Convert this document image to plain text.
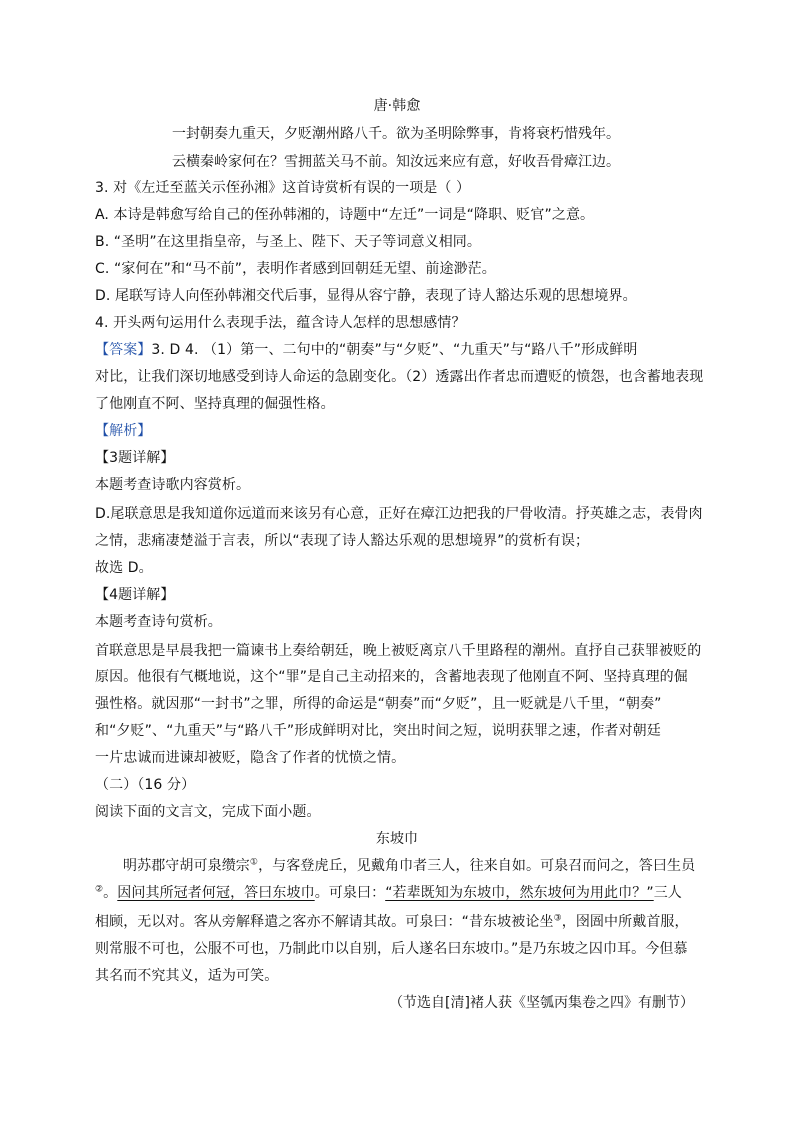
唐·韩愈
一封朝奏九重天，夕贬潮州路八千。欲为圣明除弊事，肯将衰朽惜残年。
云横秦岭家何在？雪拥蓝关马不前。知汝远来应有意，好收吾骨瘴江边。
3. 对《左迁至蓝关示侄孙湘》这首诗赏析有误的一项是（ ）
A. 本诗是韩愈写给自己的侄孙韩湘的，诗题中“左迁”一词是“降职、贬官”之意。
B. “圣明”在这里指皇帝，与圣上、陛下、天子等词意义相同。
C. “家何在”和“马不前”，表明作者感到回朝廷无望、前途渺茫。
D. 尾联写诗人向侄孙韩湘交代后事，显得从容宁静，表现了诗人豁达乐观的思想境界。
4. 开头两句运用什么表现手法，蕴含诗人怎样的思想感情？
【答案】3. D 4. （1）第一、二句中的“朝奏”与“夕贬”、“九重天”与“路八千”形成鲜明
对比，让我们深切地感受到诗人命运的急剧变化。（2）透露出作者忠而遭贬的愤怨，也含蓄地表现
了他刚直不阿、坚持真理的倔强性格。
【解析】
【3题详解】
本题考查诗歌内容赏析。
D.尾联意思是我知道你远道而来该另有心意，正好在瘴江边把我的尸骨收清。抒英雄之志，表骨肉
之情，悲痛凄楚溢于言表，所以“表现了诗人豁达乐观的思想境界”的赏析有误；
故选 D。
【4题详解】
本题考查诗句赏析。
首联意思是早晨我把一篇谏书上奏给朝廷，晚上被贬离京八千里路程的潮州。直抒自己获罪被贬的
原因。他很有气概地说，这个“罪”是自己主动招来的，含蓄地表现了他刚直不阿、坚持真理的倔
强性格。就因那“一封书”之罪，所得的命运是“朝奏”而“夕贬”，且一贬就是八千里，“朝奏”
和“夕贬”、“九重天”与“路八千”形成鲜明对比，突出时间之短，说明获罪之速，作者对朝廷
一片忠诚而进谏却被贬，隐含了作者的忧愤之情。
（二）（16 分）
阅读下面的文言文，完成下面小题。
东坡巾
明苏郡守胡可泉缵宗①，与客登虎丘，见戴角巾者三人，往来自如。可泉召而问之，答曰生员
②。因问其所冠者何冠，答曰东坡巾。可泉曰：“若辈既知为东坡巾，然东坡何为用此巾？”三人
相顾，无以对。客从旁解释遣之客亦不解请其故。可泉曰：“昔东坡被论坐③，囹圄中所戴首服，
则常服不可也，公服不可也，乃制此巾以自别，后人遂名曰东坡巾。”是乃东坡之囚巾耳。今但慕
其名而不究其义，适为可笑。
（节选自[清]褚人获《坚瓠丙集卷之四》有删节）
